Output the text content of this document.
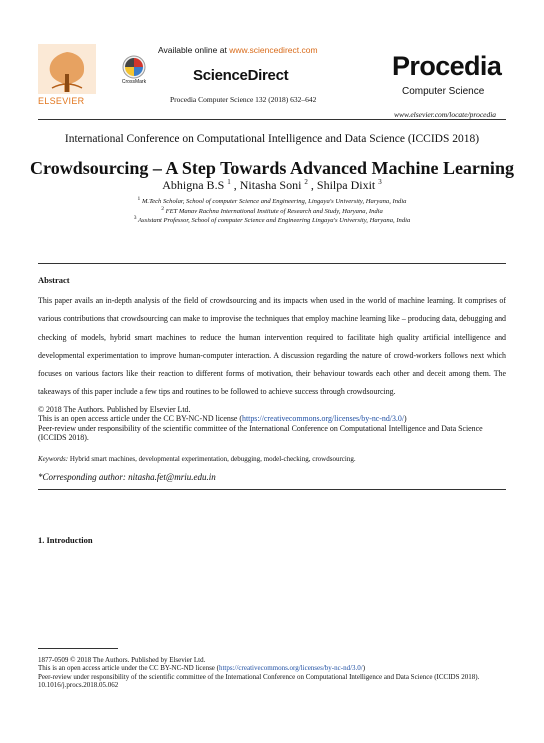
ELSEVIER
Available online at www.sciencedirect.com
CrossMark	ScienceDirect
Procedia Computer Science 132 (2018) 632–642
Procedia
Computer Science
www.elsevier.com/locate/procedia
International Conference on Computational Intelligence and Data Science (ICCIDS 2018)
Crowdsourcing – A Step Towards Advanced Machine Learning
Abhigna B.S $^1$ , Nitasha Soni $^2$ , Shilpa Dixit $^3$
$^1$ M.Tech Scholar, School of computer Science and Engineering, Lingaya's University, Haryana, India
$^2$ FET Manav Rachna International Institute of Research and Study, Haryana, India
$^3$ Assistant Professor, School of computer Science and Engineering Lingaya's University, Haryana, India
Abstract
This paper avails an in-depth analysis of the field of crowdsourcing and its impacts when used in the world of machine learning. It comprises of various contributions that crowdsourcing can make to improvise the techniques that employ machine learning like – producing data, debugging and checking of models, hybrid smart machines to reduce the human intervention required to facilitate high quality artificial intelligence and developmental experimentation to improve human-computer interaction. A discussion regarding the nature of crowd-workers follows next which focuses on various factors like their reaction to different forms of motivation, their behaviour towards each other and deceit among them. The takeaways of this paper include a few tips and routines to be followed to achieve success through crowdsourcing.
© 2018 The Authors. Published by Elsevier Ltd.
This is an open access article under the CC BY-NC-ND license (https://creativecommons.org/licenses/by-nc-nd/3.0/)
Peer-review under responsibility of the scientific committee of the International Conference on Computational Intelligence and Data Science (ICCIDS 2018).
Keywords: Hybrid smart machines, developmental experimentation, debugging, model-checking, crowdsourcing.
*Corresponding author: nitasha.fet@mriu.edu.in
1. Introduction
1877-0509 © 2018 The Authors. Published by Elsevier Ltd.
This is an open access article under the CC BY-NC-ND license (https://creativecommons.org/licenses/by-nc-nd/3.0/)
Peer-review under responsibility of the scientific committee of the International Conference on Computational Intelligence and Data Science (ICCIDS 2018).
10.1016/j.procs.2018.05.062
